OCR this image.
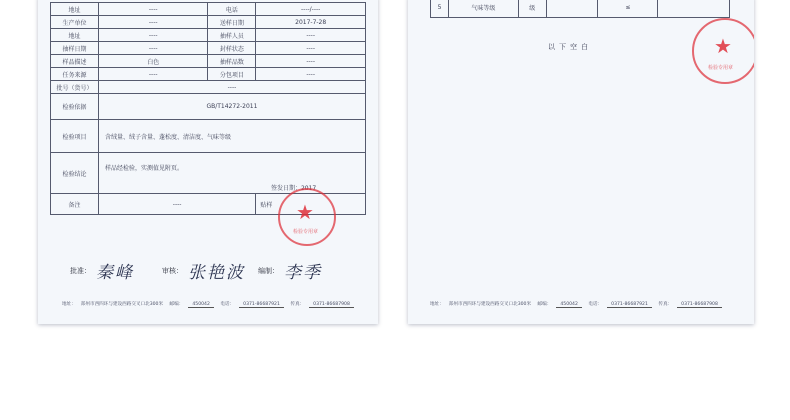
地址	----	电话	----/----
生产单位	----	送样日期	2017-7-28
地址	----	抽样人员	----
抽样日期	----	封样状态	----
样品描述	白色	抽样品数	----
任务来源	----	分包项目	----
批号（货号）	----		
检验依据	GB/T14272-2011		
检验项目	含绒量、绒子含量、蓬松度、清洁度、气味等级		
检验结论	样品经检验，实测值见附页。
签发日期：2017		

备注	----		贴样 ★
检验专用章
批准： 秦峰	审核： 张艳波 编制： 李季
地址： 郑州市西四环与建设西路交叉口北300米 邮编： 450042 电话： 0371-86687921 传真： 0371-86687908
5	气味等级	级		≤	
以下空白	★
检验专用章
地址： 郑州市西四环与建设西路交叉口北300米 邮编： 450042 电话： 0371-86687921 传真： 0371-86687908
